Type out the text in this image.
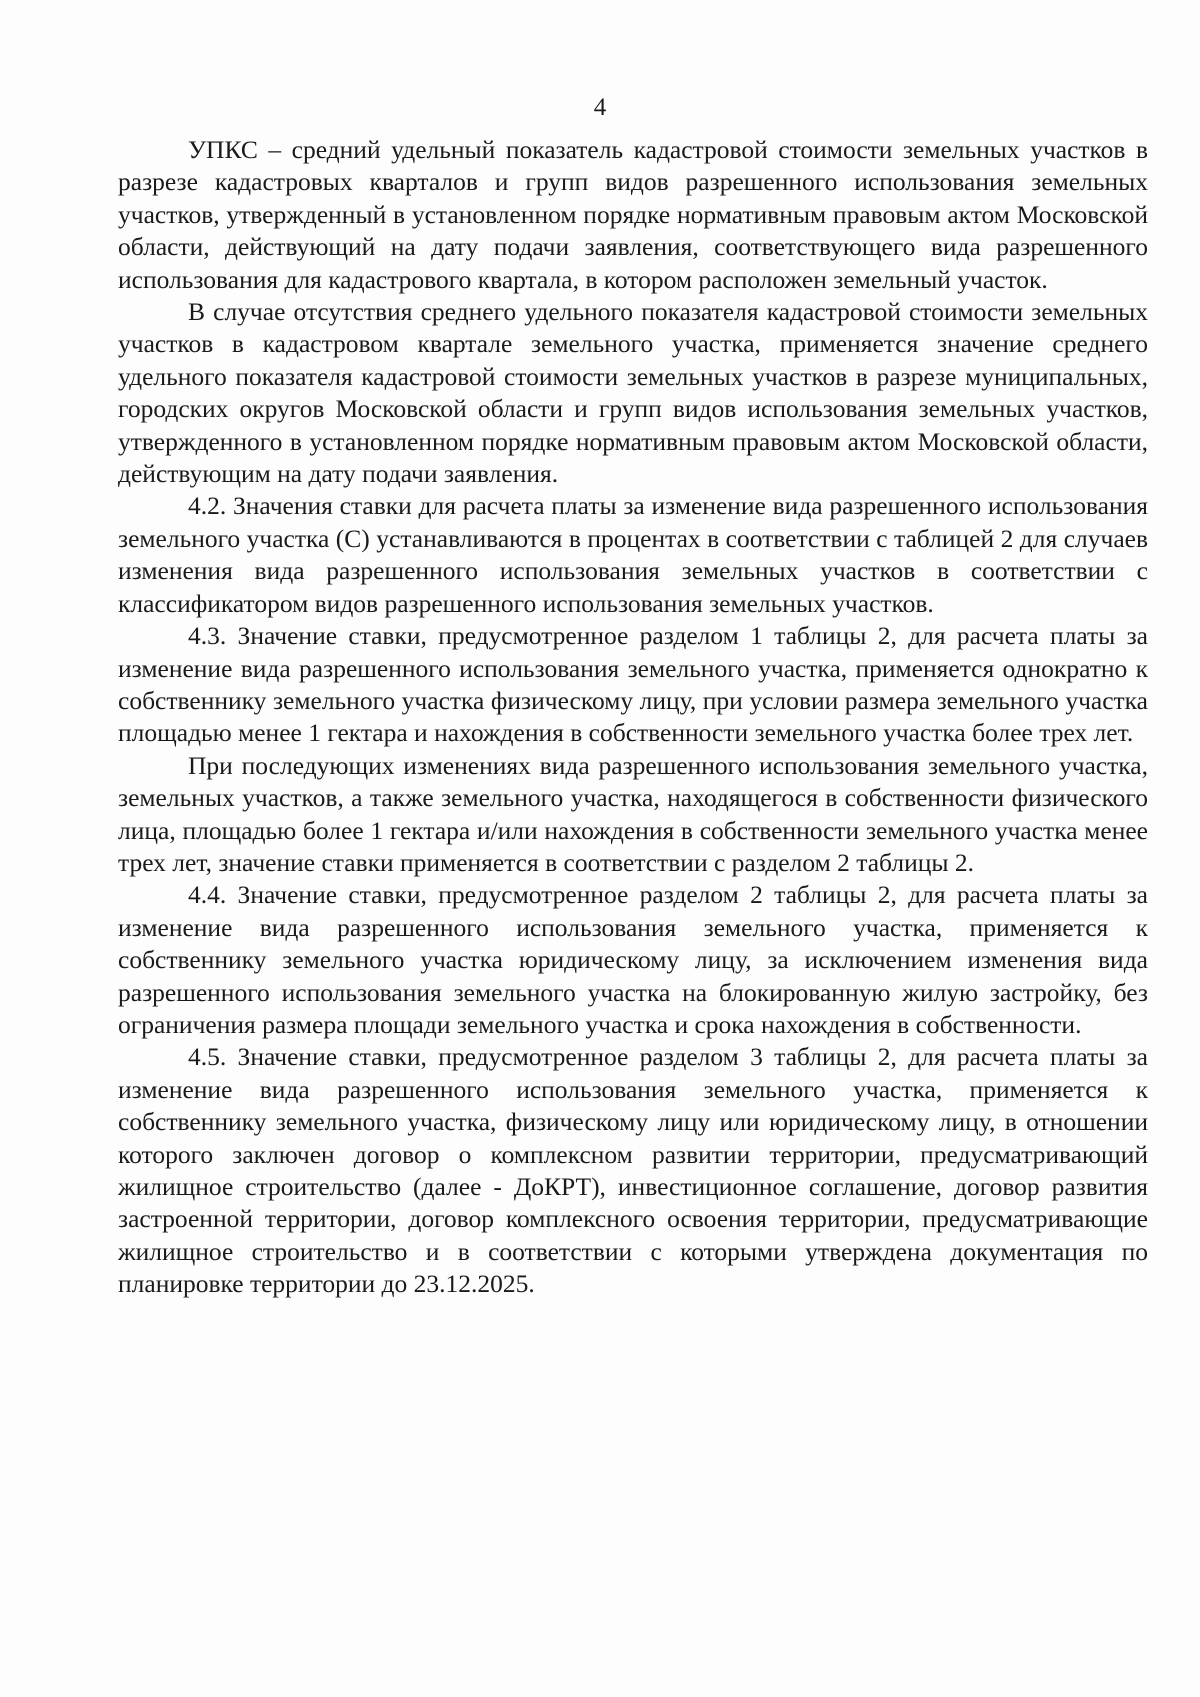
4

УПКС – средний удельный показатель кадастровой стоимости земельных участков в разрезе кадастровых кварталов и групп видов разрешенного использования земельных участков, утвержденный в установленном порядке нормативным правовым актом Московской области, действующий на дату подачи заявления, соответствующего вида разрешенного использования для кадастрового квартала, в котором расположен земельный участок.

В случае отсутствия среднего удельного показателя кадастровой стоимости земельных участков в кадастровом квартале земельного участка, применяется значение среднего удельного показателя кадастровой стоимости земельных участков в разрезе муниципальных, городских округов Московской области и групп видов использования земельных участков, утвержденного в установленном порядке нормативным правовым актом Московской области, действующим на дату подачи заявления.

4.2. Значения ставки для расчета платы за изменение вида разрешенного использования земельного участка (С) устанавливаются в процентах в соответствии с таблицей 2 для случаев изменения вида разрешенного использования земельных участков в соответствии с классификатором видов разрешенного использования земельных участков.

4.3. Значение ставки, предусмотренное разделом 1 таблицы 2, для расчета платы за изменение вида разрешенного использования земельного участка, применяется однократно к собственнику земельного участка физическому лицу, при условии размера земельного участка площадью менее 1 гектара и нахождения в собственности земельного участка более трех лет.

При последующих изменениях вида разрешенного использования земельного участка, земельных участков, а также земельного участка, находящегося в собственности физического лица, площадью более 1 гектара и/или нахождения в собственности земельного участка менее трех лет, значение ставки применяется в соответствии с разделом 2 таблицы 2.

4.4. Значение ставки, предусмотренное разделом 2 таблицы 2, для расчета платы за изменение вида разрешенного использования земельного участка, применяется к собственнику земельного участка юридическому лицу, за исключением изменения вида разрешенного использования земельного участка на блокированную жилую застройку, без ограничения размера площади земельного участка и срока нахождения в собственности.

4.5. Значение ставки, предусмотренное разделом 3 таблицы 2, для расчета платы за изменение вида разрешенного использования земельного участка, применяется к собственнику земельного участка, физическому лицу или юридическому лицу, в отношении которого заключен договор о комплексном развитии территории, предусматривающий жилищное строительство (далее - ДоКРТ), инвестиционное соглашение, договор развития застроенной территории, договор комплексного освоения территории, предусматривающие жилищное строительство и в соответствии с которыми утверждена документация по планировке территории до 23.12.2025.
